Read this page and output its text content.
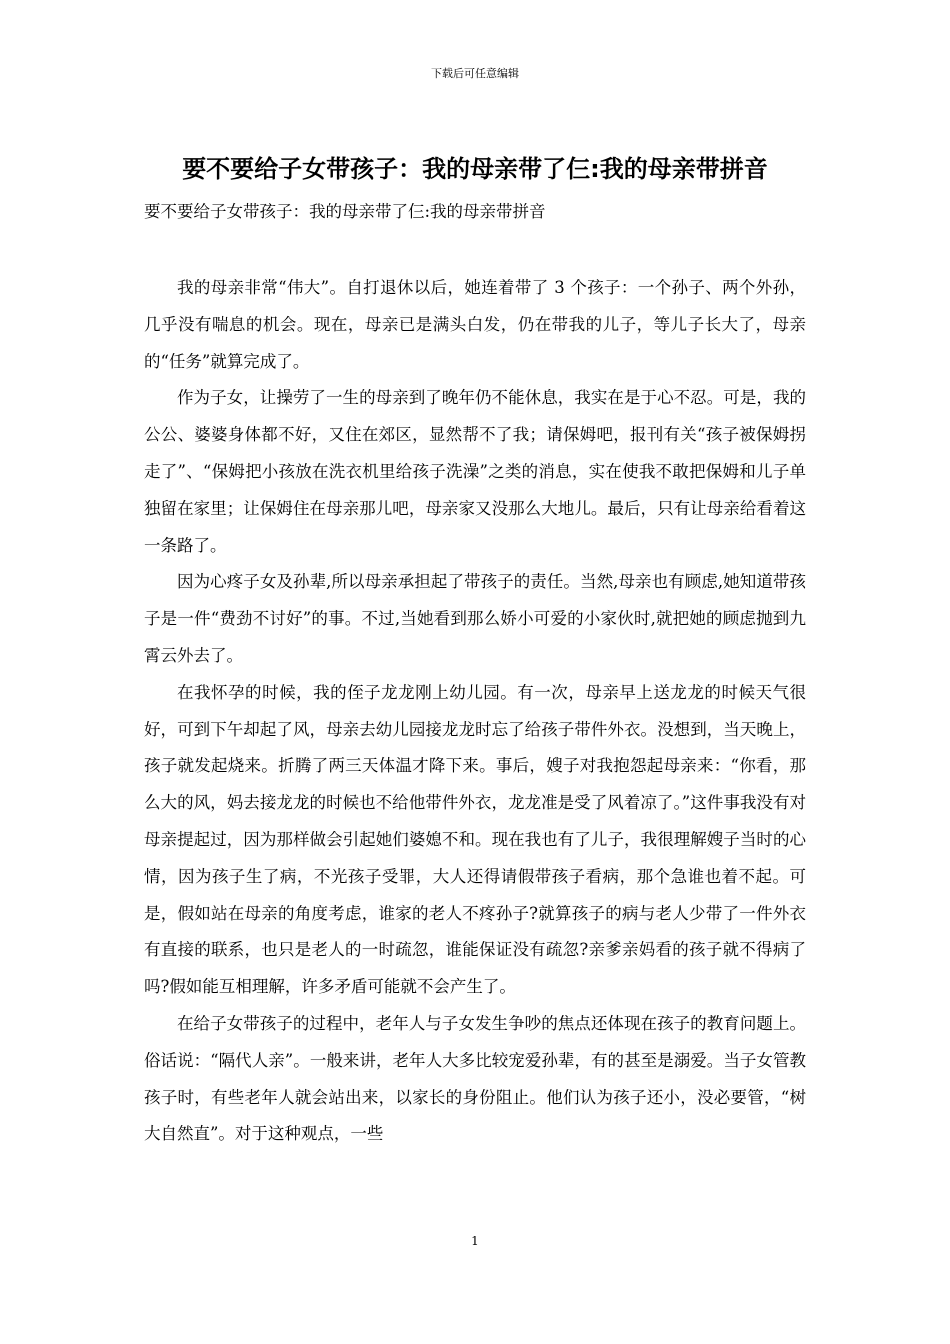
下载后可任意编辑
要不要给子女带孩子：我的母亲带了仨:我的母亲带拼音
要不要给子女带孩子：我的母亲带了仨:我的母亲带拼音

我的母亲非常“伟大”。自打退休以后，她连着带了 3 个孩子：一个孙子、两个外孙，几乎没有喘息的机会。现在，母亲已是满头白发，仍在带我的儿子，等儿子长大了，母亲的“任务”就算完成了。

作为子女，让操劳了一生的母亲到了晚年仍不能休息，我实在是于心不忍。可是，我的公公、婆婆身体都不好，又住在郊区，显然帮不了我；请保姆吧，报刊有关“孩子被保姆拐走了”、“保姆把小孩放在洗衣机里给孩子洗澡”之类的消息，实在使我不敢把保姆和儿子单独留在家里；让保姆住在母亲那儿吧，母亲家又没那么大地儿。最后，只有让母亲给看着这一条路了。

因为心疼子女及孙辈,所以母亲承担起了带孩子的责任。当然,母亲也有顾虑,她知道带孩子是一件“费劲不讨好”的事。不过,当她看到那么娇小可爱的小家伙时,就把她的顾虑抛到九霄云外去了。

在我怀孕的时候，我的侄子龙龙刚上幼儿园。有一次，母亲早上送龙龙的时候天气很好，可到下午却起了风，母亲去幼儿园接龙龙时忘了给孩子带件外衣。没想到，当天晚上，孩子就发起烧来。折腾了两三天体温才降下来。事后，嫂子对我抱怨起母亲来：“你看，那么大的风，妈去接龙龙的时候也不给他带件外衣，龙龙准是受了风着凉了。”这件事我没有对母亲提起过，因为那样做会引起她们婆媳不和。现在我也有了儿子，我很理解嫂子当时的心情，因为孩子生了病，不光孩子受罪，大人还得请假带孩子看病，那个急谁也着不起。可是，假如站在母亲的角度考虑，谁家的老人不疼孙子?就算孩子的病与老人少带了一件外衣有直接的联系，也只是老人的一时疏忽，谁能保证没有疏忽?亲爹亲妈看的孩子就不得病了吗?假如能互相理解，许多矛盾可能就不会产生了。

在给子女带孩子的过程中，老年人与子女发生争吵的焦点还体现在孩子的教育问题上。俗话说：“隔代人亲”。一般来讲，老年人大多比较宠爱孙辈，有的甚至是溺爱。当子女管教孩子时，有些老年人就会站出来，以家长的身份阻止。他们认为孩子还小，没必要管，“树大自然直”。对于这种观点，一些

1
